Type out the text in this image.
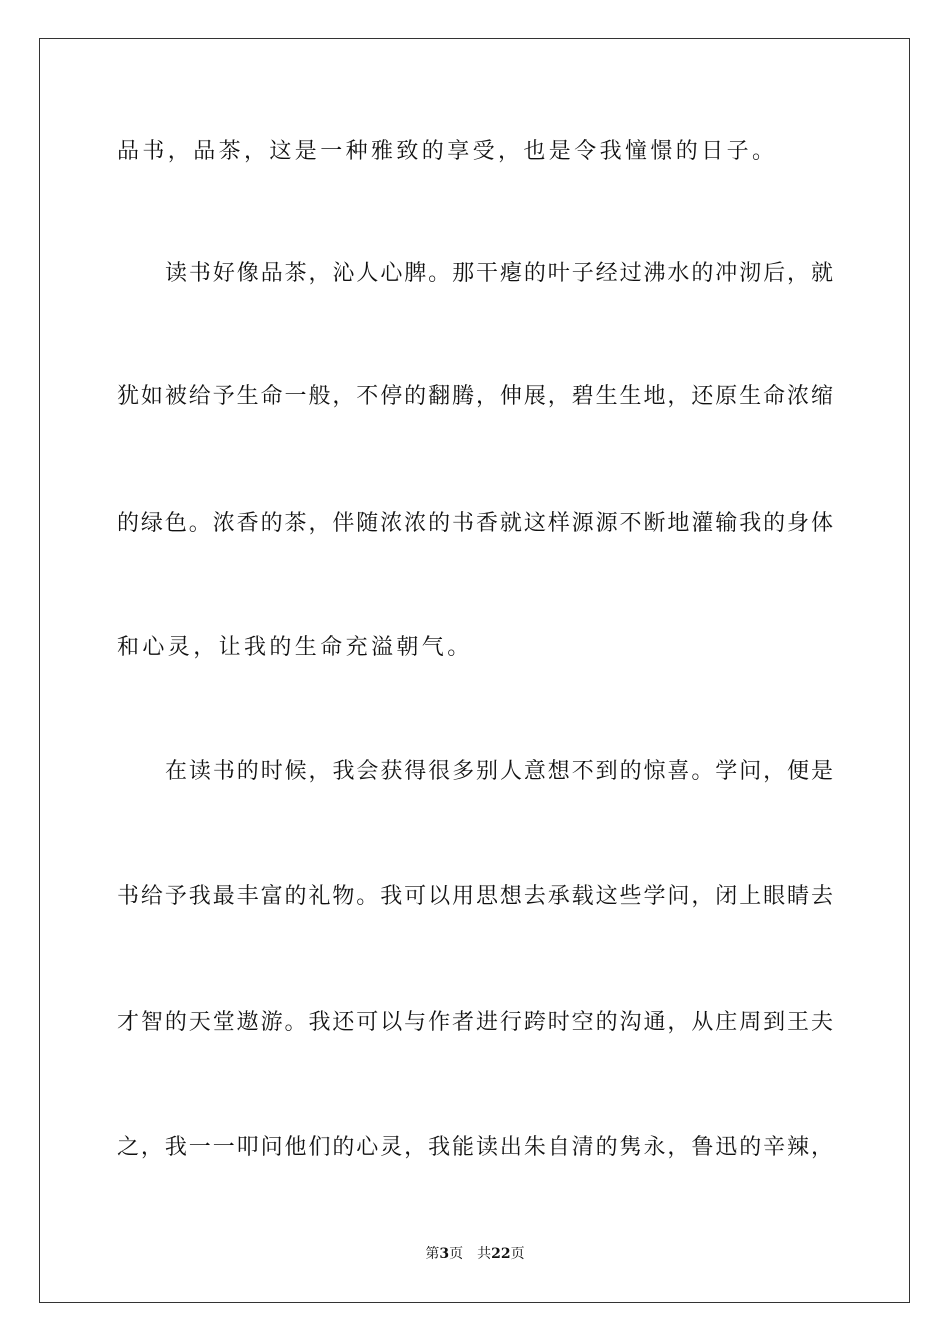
品书，品茶，这是一种雅致的享受，也是令我憧憬的日子。
读书好像品茶，沁人心脾。那干瘪的叶子经过沸水的冲沏后，就
犹如被给予生命一般，不停的翻腾，伸展，碧生生地，还原生命浓缩
的绿色。浓香的茶，伴随浓浓的书香就这样源源不断地灌输我的身体
和心灵，让我的生命充溢朝气。
在读书的时候，我会获得很多别人意想不到的惊喜。学问，便是
书给予我最丰富的礼物。我可以用思想去承载这些学问，闭上眼睛去
才智的天堂遨游。我还可以与作者进行跨时空的沟通，从庄周到王夫
之，我一一叩问他们的心灵，我能读出朱自清的隽永，鲁迅的辛辣，
第3页 共22页
